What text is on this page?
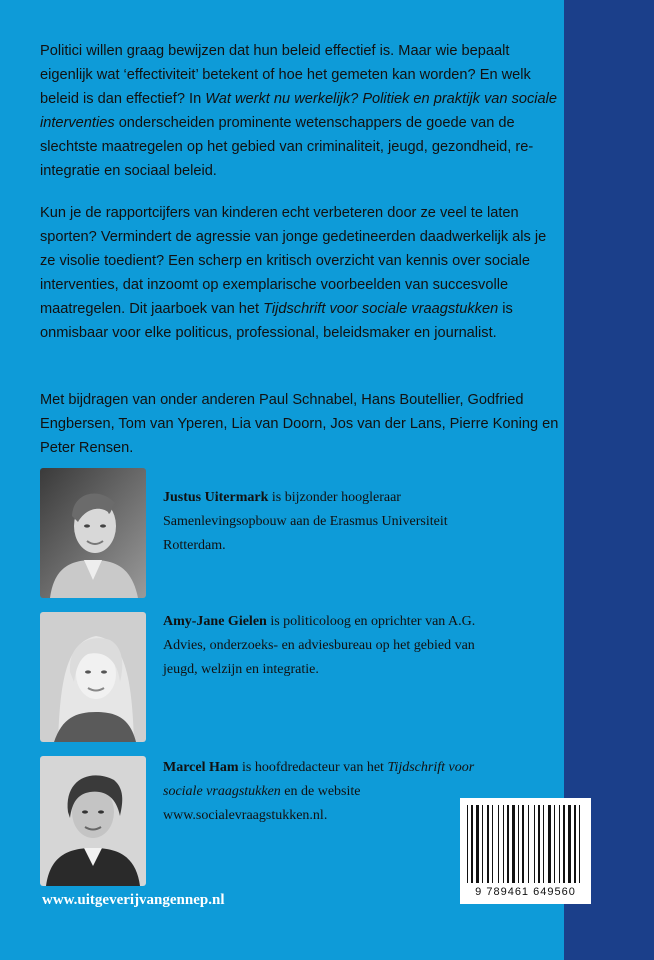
Politici willen graag bewijzen dat hun beleid effectief is. Maar wie bepaalt eigenlijk wat ‘effectiviteit’ betekent of hoe het gemeten kan worden? En welk beleid is dan effectief? In Wat werkt nu werkelijk? Politiek en praktijk van sociale interventies onderscheiden prominente wetenschappers de goede van de slechtste maatregelen op het gebied van criminaliteit, jeugd, gezondheid, re-integratie en sociaal beleid.
Kun je de rapportcijfers van kinderen echt verbeteren door ze veel te laten sporten? Vermindert de agressie van jonge gedetineerden daadwerkelijk als je ze visolie toedient? Een scherp en kritisch overzicht van kennis over sociale interventies, dat inzoomt op exemplarische voorbeelden van succesvolle maatregelen. Dit jaarboek van het Tijdschrift voor sociale vraagstukken is onmisbaar voor elke politicus, professional, beleidsmaker en journalist.
Met bijdragen van onder anderen Paul Schnabel, Hans Boutellier, Godfried Engbersen, Tom van Yperen, Lia van Doorn, Jos van der Lans, Pierre Koning en Peter Rensen.
Justus Uitermark is bijzonder hoogleraar Samenlevingsopbouw aan de Erasmus Universiteit Rotterdam.
Amy-Jane Gielen is politicoloog en oprichter van A.G. Advies, onderzoeks- en adviesbureau op het gebied van jeugd, welzijn en integratie.
Marcel Ham is hoofdredacteur van het Tijdschrift voor sociale vraagstukken en de website www.socialevraagstukken.nl.
9 789461 649560
www.uitgeverijvangennep.nl
